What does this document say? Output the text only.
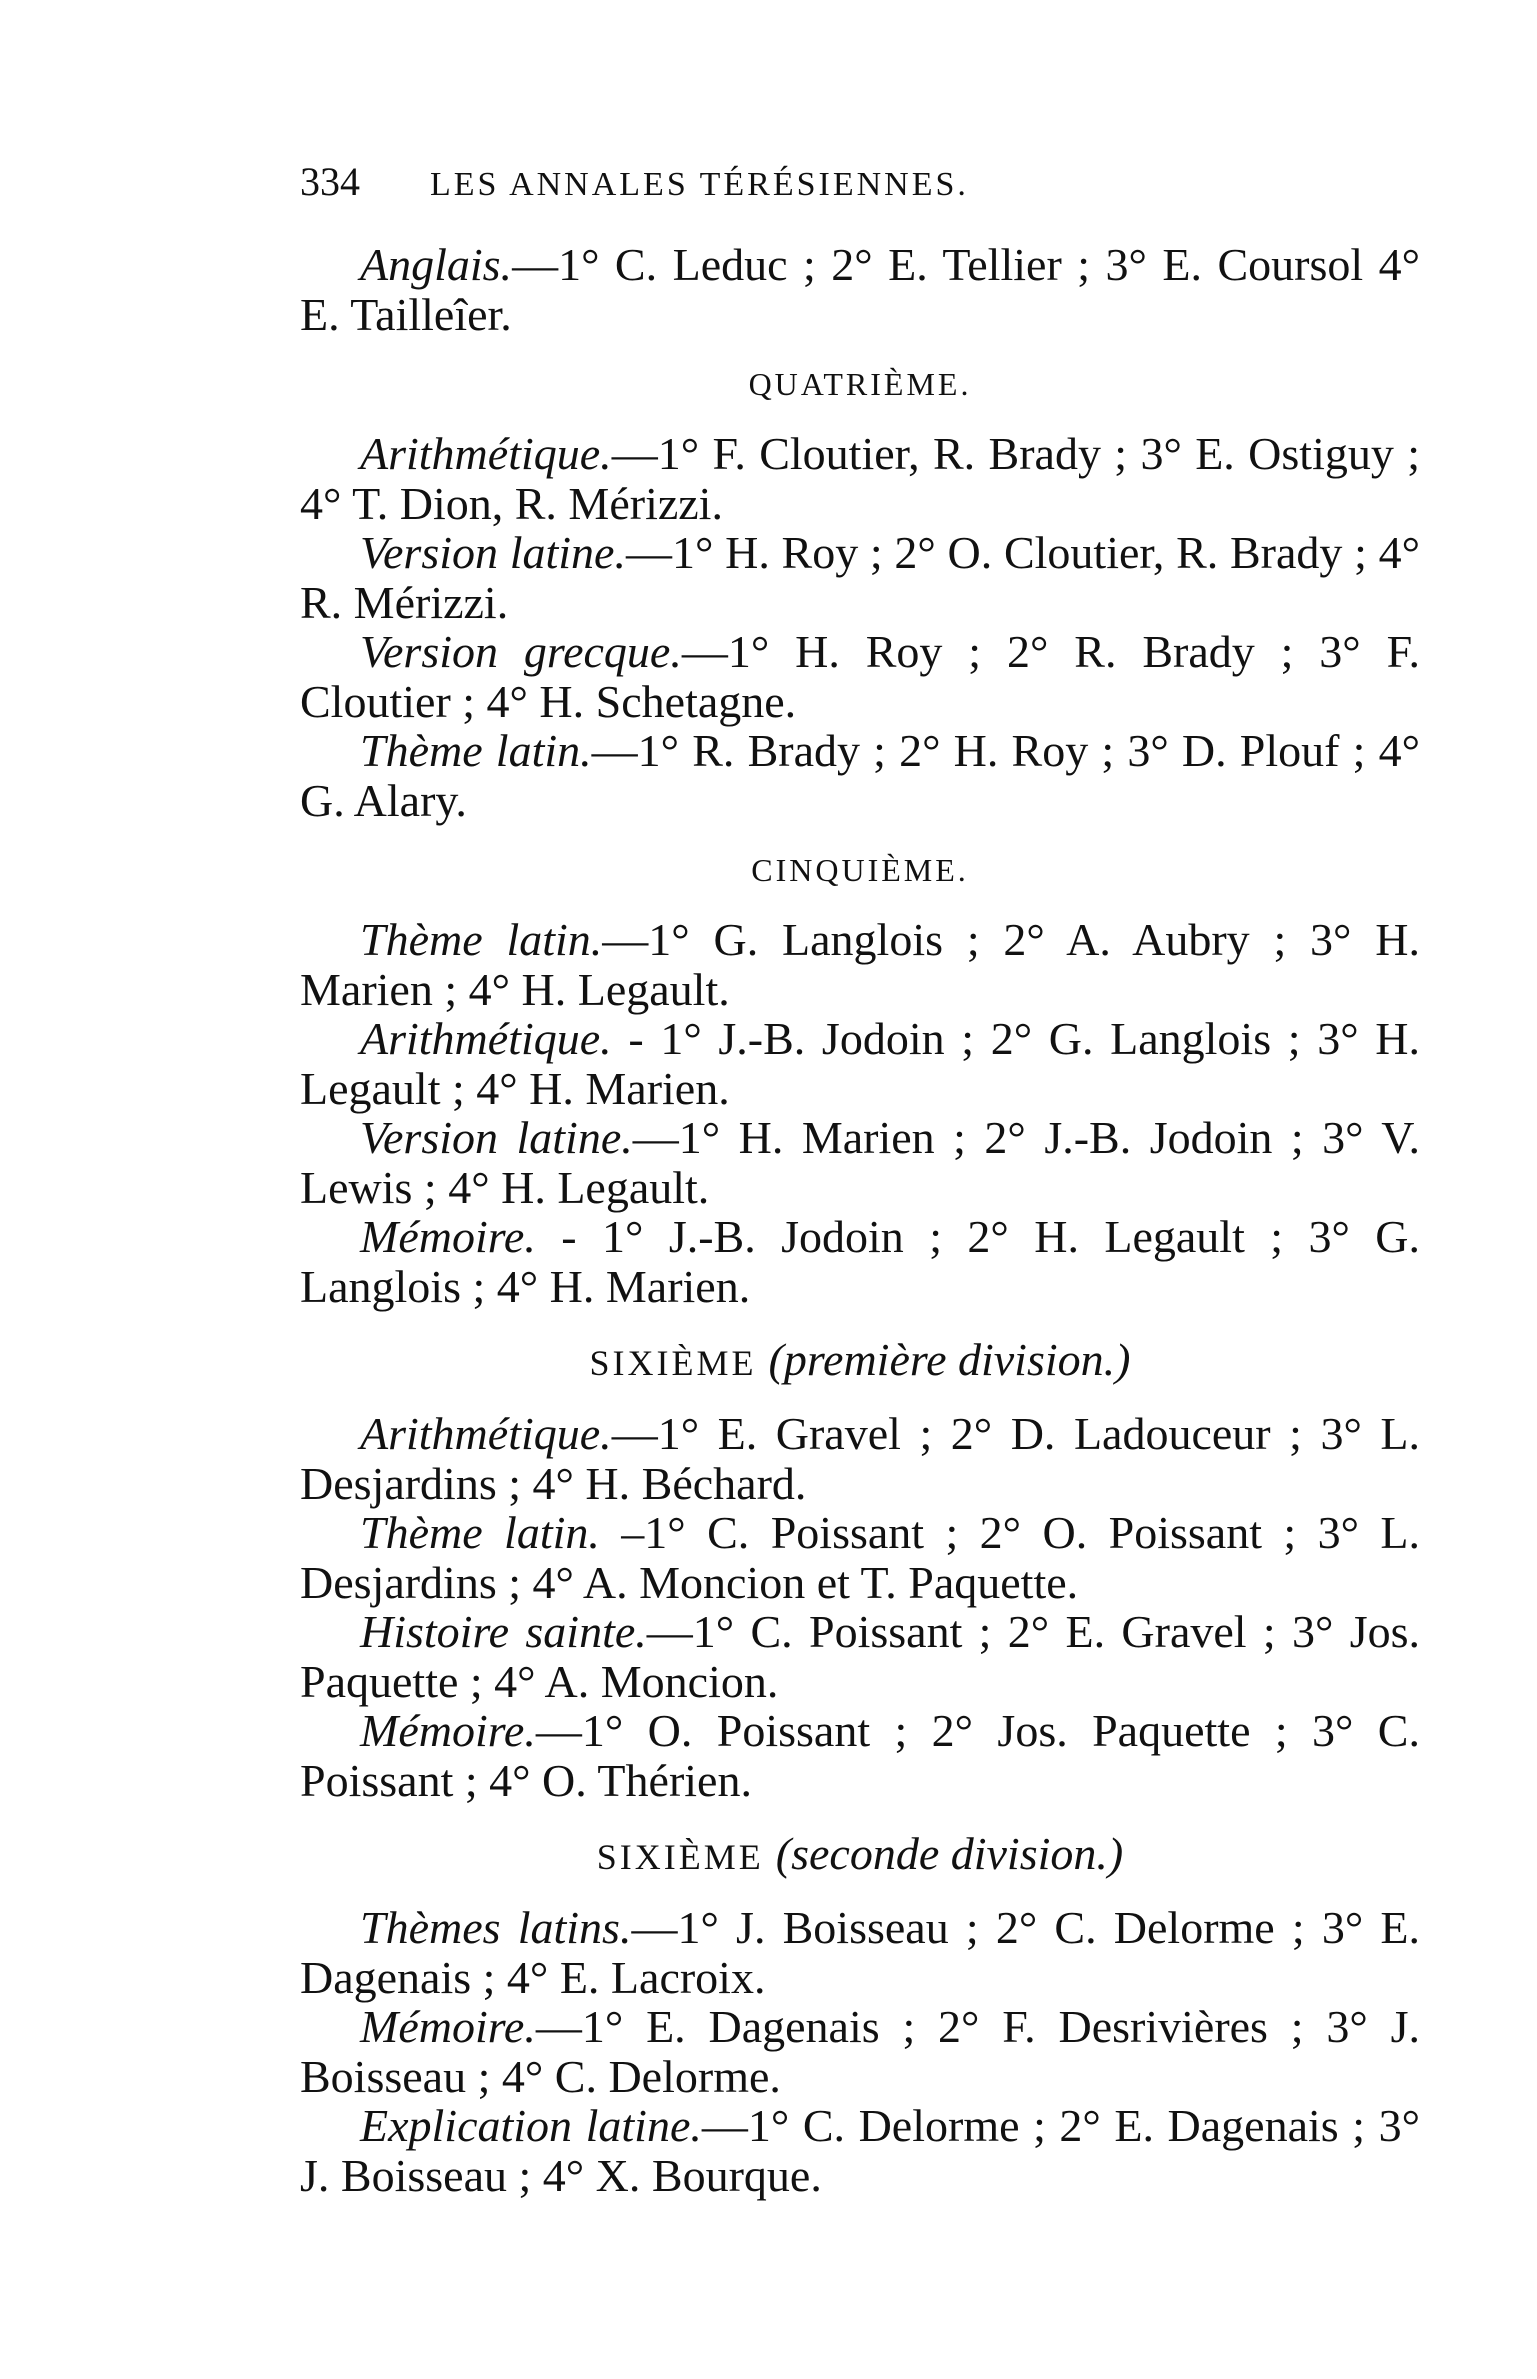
334 LES ANNALES TÉRÉSIENNES.

Anglais.—1° C. Leduc ; 2° E. Tellier ; 3° E. Coursol 4° E. Tailleîer.

QUATRIÈME.

Arithmétique.—1° F. Cloutier, R. Brady ; 3° E. Ostiguy ; 4° T. Dion, R. Mérizzi.

Version latine.—1° H. Roy ; 2° O. Cloutier, R. Brady ; 4° R. Mérizzi.

Version grecque.—1° H. Roy ; 2° R. Brady ; 3° F. Cloutier ; 4° H. Schetagne.

Thème latin.—1° R. Brady ; 2° H. Roy ; 3° D. Plouf ; 4° G. Alary.

CINQUIÈME.

Thème latin.—1° G. Langlois ; 2° A. Aubry ; 3° H. Marien ; 4° H. Legault.

Arithmétique. - 1° J.-B. Jodoin ; 2° G. Langlois ; 3° H. Legault ; 4° H. Marien.

Version latine.—1° H. Marien ; 2° J.-B. Jodoin ; 3° V. Lewis ; 4° H. Legault.

Mémoire. - 1° J.-B. Jodoin ; 2° H. Legault ; 3° G. Langlois ; 4° H. Marien.

SIXIÈME (première division.)

Arithmétique.—1° E. Gravel ; 2° D. Ladouceur ; 3° L. Desjardins ; 4° H. Béchard.

Thème latin. –1° C. Poissant ; 2° O. Poissant ; 3° L. Desjardins ; 4° A. Moncion et T. Paquette.

Histoire sainte.—1° C. Poissant ; 2° E. Gravel ; 3° Jos. Paquette ; 4° A. Moncion.

Mémoire.—1° O. Poissant ; 2° Jos. Paquette ; 3° C. Poissant ; 4° O. Thérien.

SIXIÈME (seconde division.)

Thèmes latins.—1° J. Boisseau ; 2° C. Delorme ; 3° E. Dagenais ; 4° E. Lacroix.

Mémoire.—1° E. Dagenais ; 2° F. Desrivières ; 3° J. Boisseau ; 4° C. Delorme.

Explication latine.—1° C. Delorme ; 2° E. Dagenais ; 3° J. Boisseau ; 4° X. Bourque.
